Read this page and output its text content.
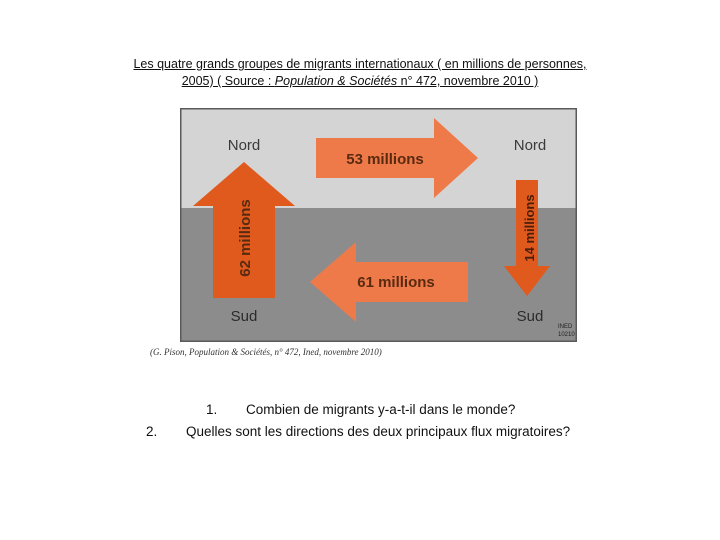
Les quatre grands groupes de migrants internationaux ( en millions de personnes,
2005) ( Source : Population & Sociétés n° 472, novembre 2010 )
Nord	Nord
Sud	Sud
53 millions
62 millions	14 millions
61 millions
INED
10210
(G. Pison, Population & Sociétés, n° 472, Ined, novembre 2010)
1. Combien de migrants y-a-t-il dans le monde?
2. Quelles sont les directions des deux principaux flux migratoires?
